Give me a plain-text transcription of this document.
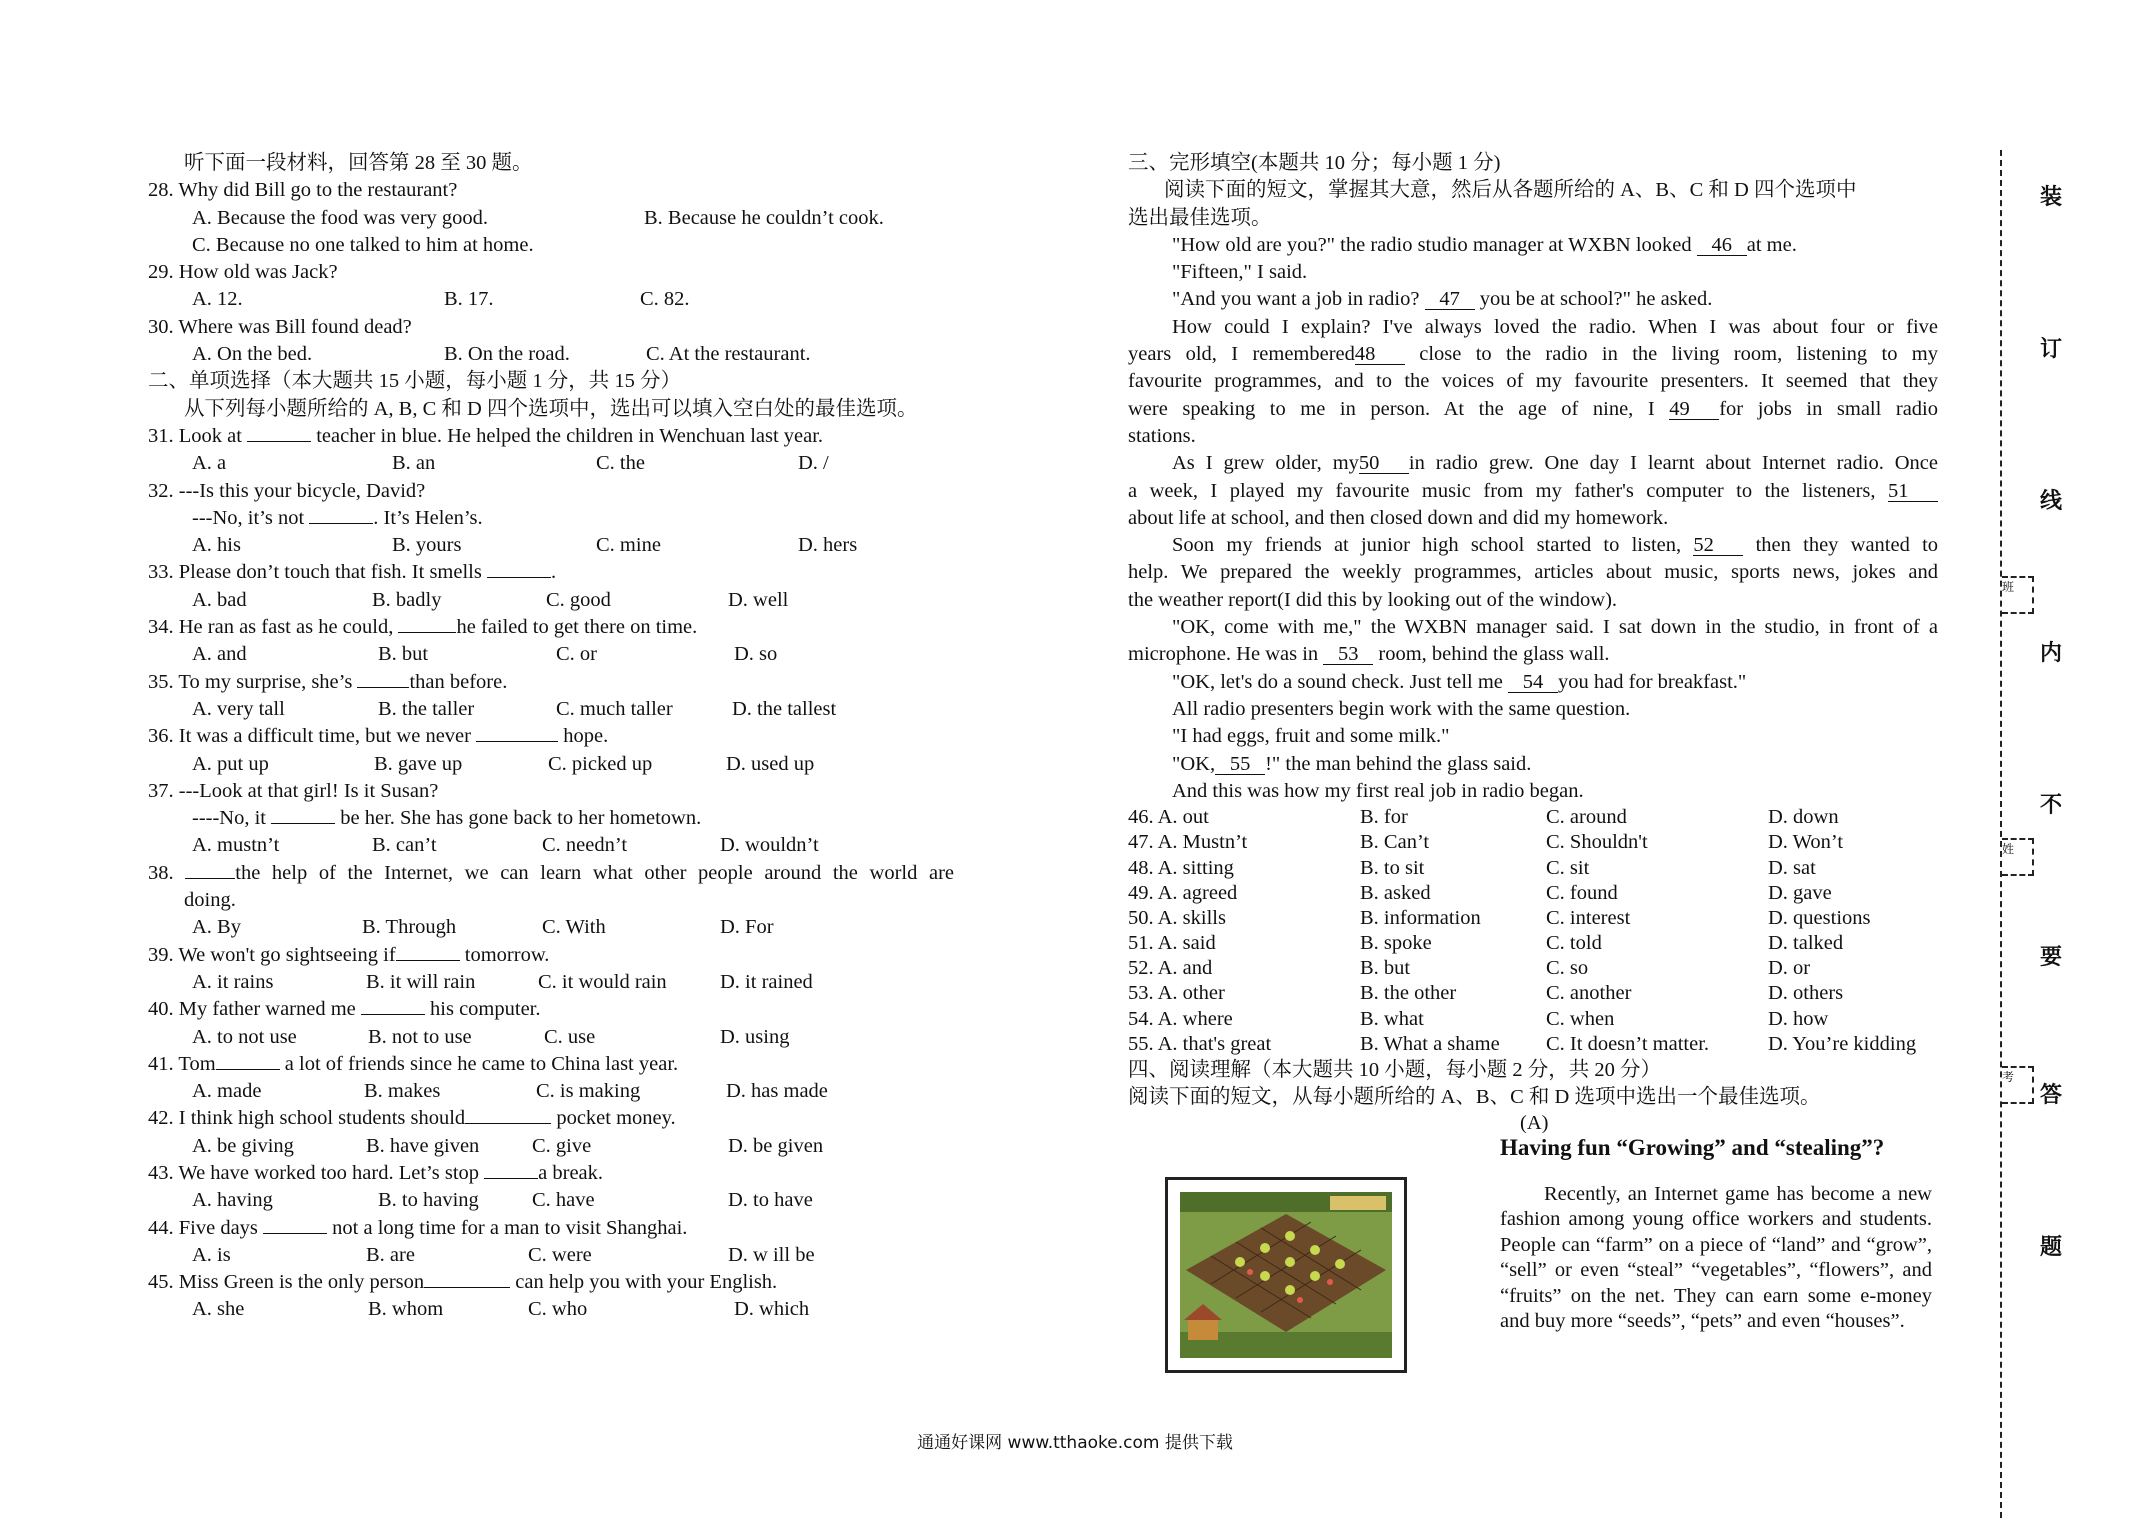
听下面一段材料，回答第 28 至 30 题。
28. Why did Bill go to the restaurant?
A. Because the food was very good.	B. Because he couldn’t cook.
C. Because no one talked to him at home.
29. How old was Jack?
A. 12.	B. 17.	C. 82.
30. Where was Bill found dead?
A. On the bed.	B. On the road.	C. At the restaurant.
二、单项选择（本大题共 15 小题，每小题 1 分，共 15 分）
从下列每小题所给的 A, B, C 和 D 四个选项中，选出可以填入空白处的最佳选项。
31. Look at	teacher in blue. He helped the children in Wenchuan last year.
A. a	B. an	C. the	D. /
32. ---Is this your bicycle, David?
---No, it’s not	. It’s Helen’s.
A. his	B. yours	C. mine	D. hers
33. Please don’t touch that fish. It smells	.
A. bad	B. badly	C. good	D. well
34. He ran as fast as he could,	he failed to get there on time.
A. and	B. but	C. or	D. so
35. To my surprise, she’s	than before.
A. very tall	B. the taller	C. much taller	D. the tallest
36. It was a difficult time, but we never	hope.
A. put up	B. gave up	C. picked up	D. used up
37. ---Look at that girl! Is it Susan?
----No, it	be her. She has gone back to her hometown.
A. mustn’t	B. can’t	C. needn’t	D. wouldn’t
38.	the help of the Internet, we can learn what other people around the world are
doing.
A. By	B. Through	C. With	D. For
39. We won't go sightseeing if	tomorrow.
A. it rains	B. it will rain	C. it would rain	D. it rained
40. My father warned me	his computer.
A. to not use	B. not to use	C. use	D. using
41. Tom	a lot of friends since he came to China last year.
A. made	B. makes	C. is making	D. has made
42. I think high school students should	pocket money.
A. be giving	B. have given	C. give	D. be given
43. We have worked too hard. Let’s stop	a break.
A. having	B. to having	C. have	D. to have
44. Five days	not a long time for a man to visit Shanghai.
A. is	B. are	C. were	D. w ill be
45. Miss Green is the only person	can help you with your English.
A. she	B. whom	C. who	D. which
三、完形填空(本题共 10 分；每小题 1 分)
阅读下面的短文，掌握其大意，然后从各题所给的 A、B、C 和 D 四个选项中
选出最佳选项。
"How old are you?" the radio studio manager at WXBN looked 46 at me.
"Fifteen," I said.
"And you want a job in radio? 47 you be at school?" he asked.
How could I explain? I've always loved the radio. When I was about four or five
years old, I remembered48 close to the radio in the living room, listening to my
favourite programmes, and to the voices of my favourite presenters. It seemed that they
were speaking to me in person. At the age of nine, I 49 for jobs in small radio
stations.
As I grew older, my50 in radio grew. One day I learnt about Internet radio. Once
a week, I played my favourite music from my father's computer to the listeners, 51
about life at school, and then closed down and did my homework.
Soon my friends at junior high school started to listen, 52 then they wanted to
help. We prepared the weekly programmes, articles about music, sports news, jokes and
the weather report(I did this by looking out of the window).
"OK, come with me," the WXBN manager said. I sat down in the studio, in front of a
microphone. He was in 53 room, behind the glass wall.
"OK, let's do a sound check. Just tell me 54 you had for breakfast."
All radio presenters begin work with the same question.
"I had eggs, fruit and some milk."
"OK, 55 !" the man behind the glass said.
And this was how my first real job in radio began.
46. A. out	B. for	C. around	D. down
47. A. Mustn’t	B. Can’t	C. Shouldn't	D. Won’t
48. A. sitting	B. to sit	C. sit	D. sat
49. A. agreed	B. asked	C. found	D. gave
50. A. skills	B. information	C. interest	D. questions
51. A. said	B. spoke	C. told	D. talked
52. A. and	B. but	C. so	D. or
53. A. other	B. the other	C. another	D. others
54. A. where	B. what	C. when	D. how
55. A. that's great	B. What a shame	C. It doesn’t matter.	D. You’re kidding
四、阅读理解（本大题共 10 小题，每小题 2 分，共 20 分）
阅读下面的短文，从每小题所给的 A、B、C 和 D 选项中选出一个最佳选项。
(A)
Having fun “Growing” and “stealing”?
Recently, an Internet game has become a new fashion among young office workers and students. People can “farm” on a piece of “land” and “grow”, “sell” or even “steal” “vegetables”, “flowers”, and “fruits” on the net. They can earn some e-money and buy more “seeds”, “pets” and even “houses”.
通通好课网 www.tthaoke.com 提供下载
装
订
线
内
不
要
答
题
班
姓
考
